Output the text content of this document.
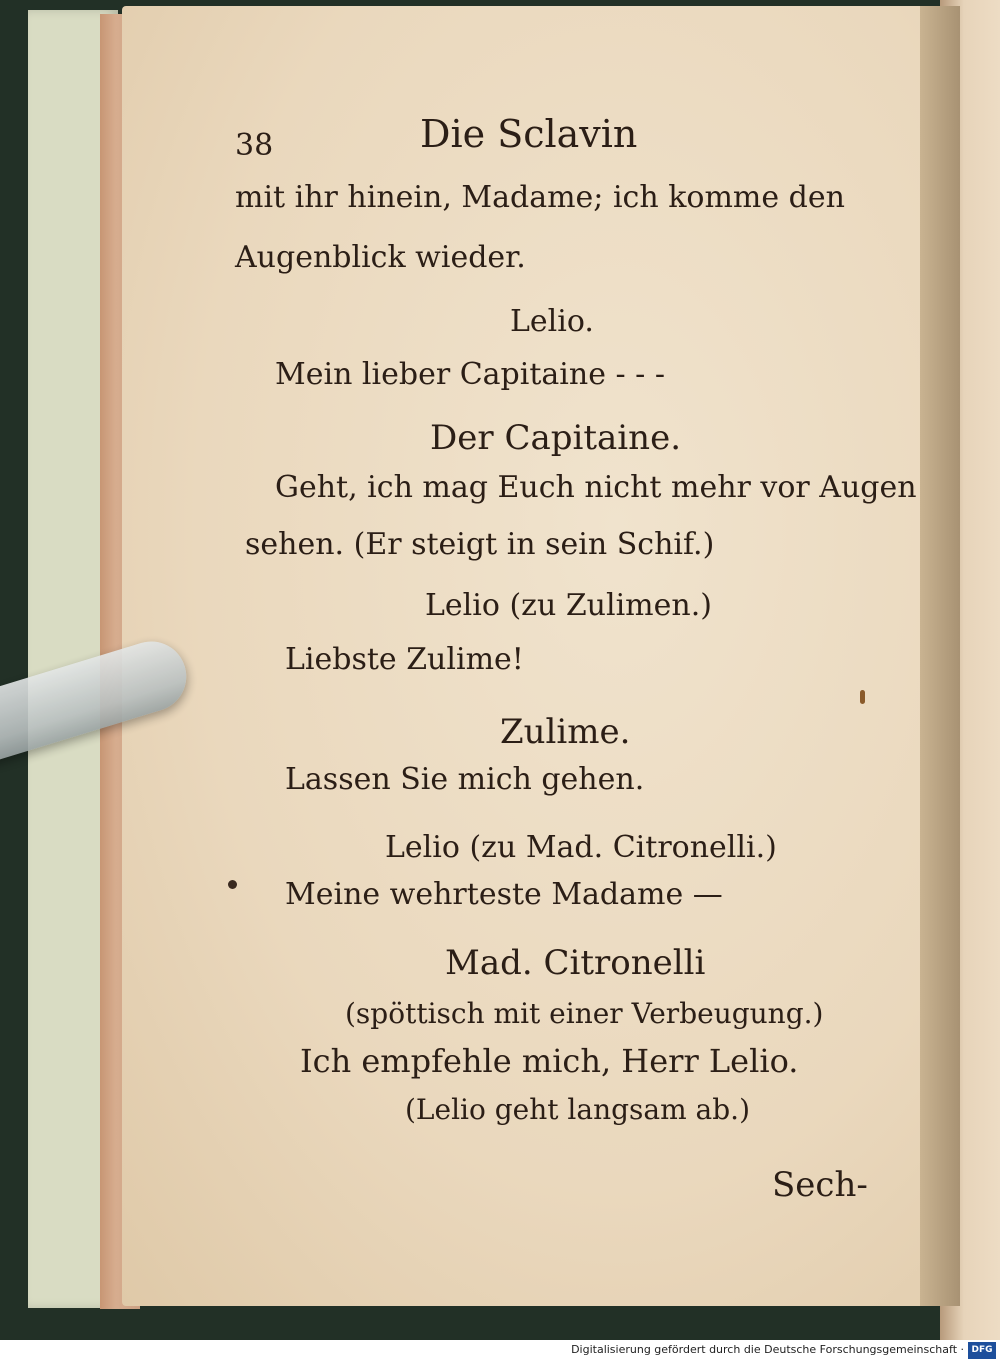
38	Die Sclavin
mit ihr hinein, Madame; ich komme den
Augenblick wieder.
Lelio.
Mein lieber Capitaine - - -
Der Capitaine.
Geht, ich mag Euch nicht mehr vor Augen
sehen. (Er steigt in sein Schif.)
Lelio (zu Zulimen.)
Liebste Zulime!
Zulime.
Lassen Sie mich gehen.
Lelio (zu Mad. Citronelli.)
Meine wehrteste Madame —
Mad. Citronelli
(spöttisch mit einer Verbeugung.)
Ich empfehle mich, Herr Lelio.
(Lelio geht langsam ab.)
Sech-
Digitalisierung gefördert durch die Deutsche Forschungsgemeinschaft · DFG
